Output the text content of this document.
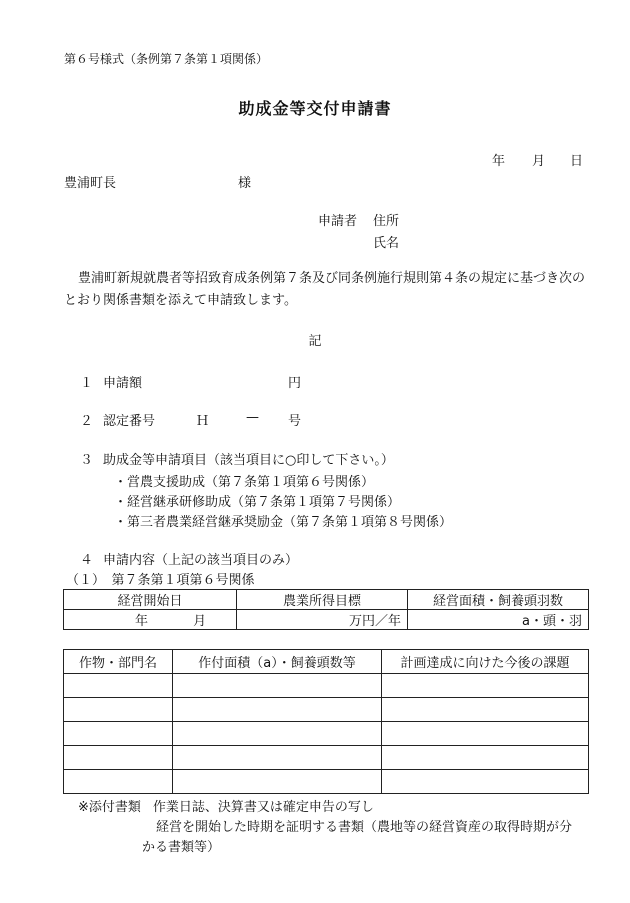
第６号様式（条例第７条第１項関係）
助成金等交付申請書
年 月 日
豊浦町長	様
申請者 住所
氏名
豊浦町新規就農者等招致育成条例第７条及び同条例施行規則第４条の規定に基づき次のとおり関係書類を添えて申請致します。
記
１ 申請額	円
２ 認定番号	Ｈ	— 号
３ 助成金等申請項目（該当項目に○印して下さい。）
・営農支援助成（第７条第１項第６号関係）
・経営継承研修助成（第７条第１項第７号関係）
・第三者農業経営継承奨励金（第７条第１項第８号関係）
４ 申請内容（上記の該当項目のみ）
（１）　第７条第１項第６号関係
経営開始日	農業所得目標	経営面積・飼養頭羽数
年 月	万円／年	a・頭・羽
作物・部門名	作付面積（a）・飼養頭数等	計画達成に向けた今後の課題

※添付書類 作業日誌、決算書又は確定申告の写し
経営を開始した時期を証明する書類（農地等の経営資産の取得時期が分
かる書類等）
